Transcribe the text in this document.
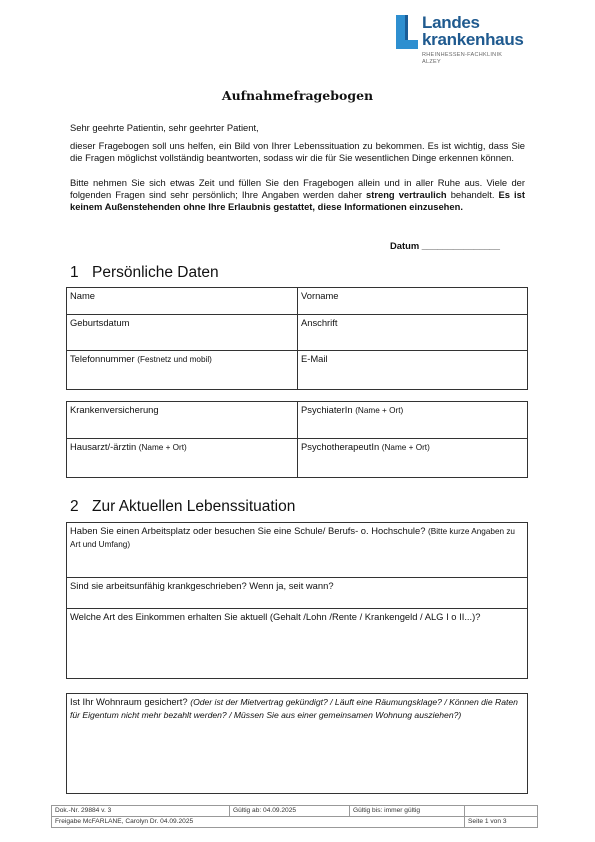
Landes
krankenhaus
RHEINHESSEN-FACHKLINIK
ALZEY
Aufnahmefragebogen
Sehr geehrte Patientin, sehr geehrter Patient,
dieser Fragebogen soll uns helfen, ein Bild von Ihrer Lebenssituation zu bekommen. Es ist wichtig, dass Sie die Fragen möglichst vollständig beantworten, sodass wir die für Sie wesentlichen Dinge erkennen können.
Bitte nehmen Sie sich etwas Zeit und füllen Sie den Fragebogen allein und in aller Ruhe aus. Viele der folgenden Fragen sind sehr persönlich; Ihre Angaben werden daher streng vertraulich behandelt. Es ist keinem Außenstehenden ohne Ihre Erlaubnis gestattet, diese Informationen einzusehen.
Datum _______________
1 Persönliche Daten
Name	Vorname
Geburtsdatum	Anschrift
Telefonnummer (Festnetz und mobil)	E-Mail
Krankenversicherung	PsychiaterIn (Name + Ort)
Hausarzt/-ärztin (Name + Ort)	PsychotherapeutIn (Name + Ort)
2 Zur Aktuellen Lebenssituation
Haben Sie einen Arbeitsplatz oder besuchen Sie eine Schule/ Berufs- o. Hochschule? (Bitte kurze Angaben zu Art und Umfang)
Sind sie arbeitsunfähig krankgeschrieben? Wenn ja, seit wann?
Welche Art des Einkommen erhalten Sie aktuell (Gehalt /Lohn /Rente / Krankengeld / ALG I o II...)?
Ist Ihr Wohnraum gesichert? (Oder ist der Mietvertrag gekündigt? / Läuft eine Räumungsklage? / Können die Raten für Eigentum nicht mehr bezahlt werden? / Müssen Sie aus einer gemeinsamen Wohnung ausziehen?)
Dok.-Nr. 29884 v. 3	Gültig ab: 04.09.2025	Gültig bis: immer gültig	
Freigabe McFARLANE, Carolyn Dr. 04.09.2025			Seite 1 von 3
